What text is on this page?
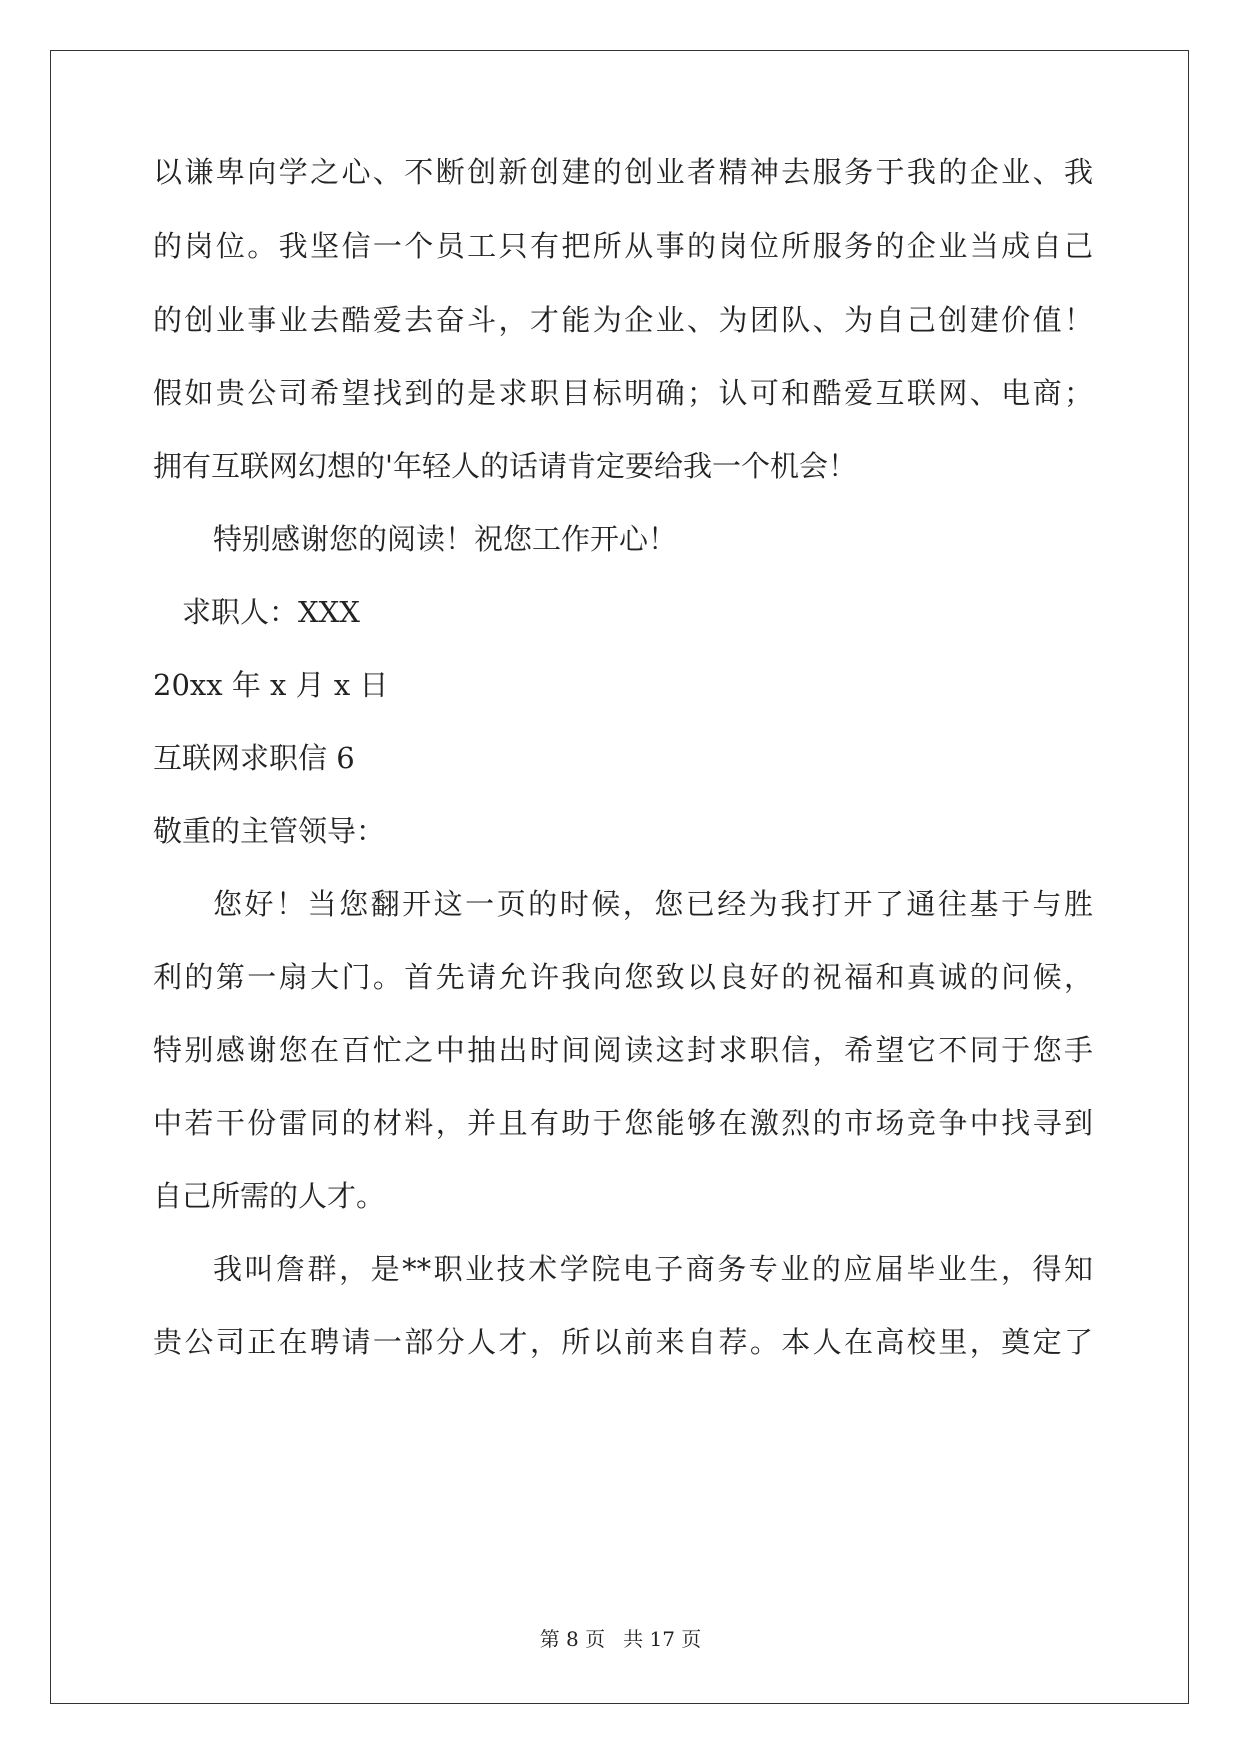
以谦卑向学之心、不断创新创建的创业者精神去服务于我的企业、我
的岗位。我坚信一个员工只有把所从事的岗位所服务的企业当成自己
的创业事业去酷爱去奋斗，才能为企业、为团队、为自己创建价值！
假如贵公司希望找到的是求职目标明确；认可和酷爱互联网、电商；
拥有互联网幻想的'年轻人的话请肯定要给我一个机会！
特别感谢您的阅读！祝您工作开心！
求职人：XXX
20xx 年 x 月 x 日
互联网求职信 6
敬重的主管领导：
您好！当您翻开这一页的时候，您已经为我打开了通往基于与胜
利的第一扇大门。首先请允许我向您致以良好的祝福和真诚的问候，
特别感谢您在百忙之中抽出时间阅读这封求职信，希望它不同于您手
中若干份雷同的材料，并且有助于您能够在激烈的市场竞争中找寻到
自己所需的人才。
我叫詹群，是**职业技术学院电子商务专业的应届毕业生，得知
贵公司正在聘请一部分人才，所以前来自荐。本人在高校里，奠定了
第 8 页 共 17 页
